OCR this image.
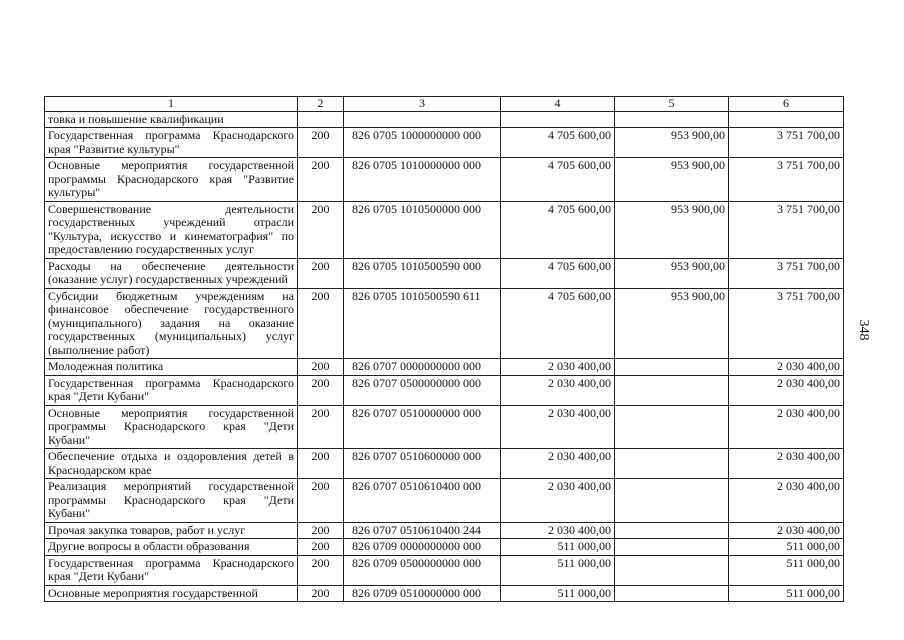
1	2	3	4	5	6
товка и повышение квалификации					
Государственная программа Краснодарского края "Развитие культуры"	200	826 0705 1000000000 000	4 705 600,00	953 900,00	3 751 700,00
Основные мероприятия государственной программы Краснодарского края "Развитие культуры"	200	826 0705 1010000000 000	4 705 600,00	953 900,00	3 751 700,00
Совершенствование деятельности государственных учреждений отрасли "Культура, искусство и кинематография" по предоставлению государственных услуг	200	826 0705 1010500000 000	4 705 600,00	953 900,00	3 751 700,00
Расходы на обеспечение деятельности (оказание услуг) государственных учреждений	200	826 0705 1010500590 000	4 705 600,00	953 900,00	3 751 700,00
Субсидии бюджетным учреждениям на финансовое обеспечение государственного (муниципального) задания на оказание государственных (муниципальных) услуг (выполнение работ)	200	826 0705 1010500590 611	4 705 600,00	953 900,00	3 751 700,00
Молодежная политика	200	826 0707 0000000000 000	2 030 400,00		2 030 400,00
Государственная программа Краснодарского края "Дети Кубани"	200	826 0707 0500000000 000	2 030 400,00		2 030 400,00
Основные мероприятия государственной программы Краснодарского края "Дети Кубани"	200	826 0707 0510000000 000	2 030 400,00		2 030 400,00
Обеспечение отдыха и оздоровления детей в Краснодарском крае	200	826 0707 0510600000 000	2 030 400,00		2 030 400,00
Реализация мероприятий государственной программы Краснодарского края "Дети Кубани"	200	826 0707 0510610400 000	2 030 400,00		2 030 400,00
Прочая закупка товаров, работ и услуг	200	826 0707 0510610400 244	2 030 400,00		2 030 400,00
Другие вопросы в области образования	200	826 0709 0000000000 000	511 000,00		511 000,00
Государственная программа Краснодарского края "Дети Кубани"	200	826 0709 0500000000 000	511 000,00		511 000,00
Основные мероприятия государственной	200	826 0709 0510000000 000	511 000,00		511 000,00
348
